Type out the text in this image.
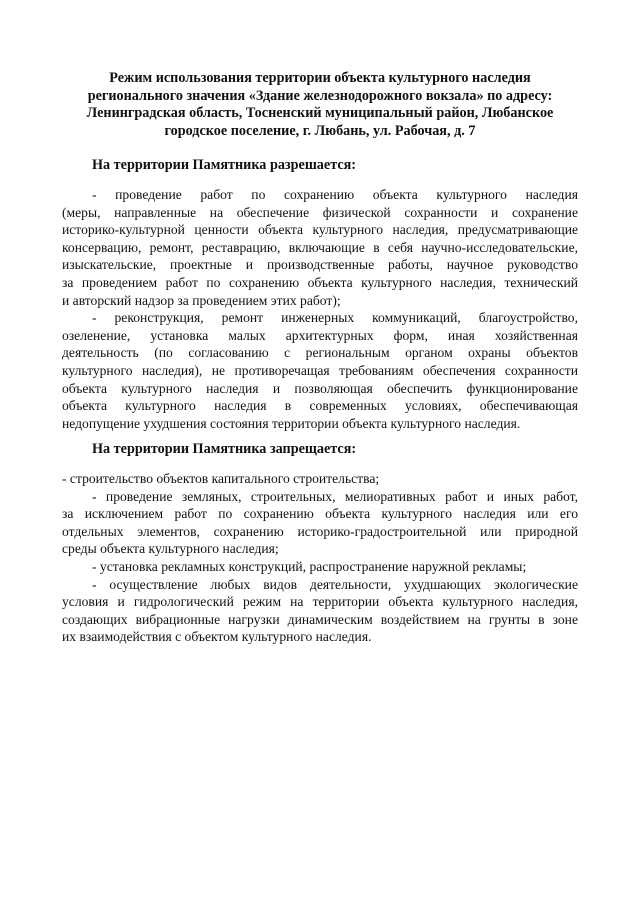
Режим использования территории объекта культурного наследия
регионального значения «Здание железнодорожного вокзала» по адресу:
Ленинградская область, Тосненский муниципальный район, Любанское
городское поселение, г. Любань, ул. Рабочая, д. 7
На территории Памятника разрешается:

- проведение работ по сохранению объекта культурного наследия
(меры, направленные на обеспечение физической сохранности и сохранение
историко-культурной ценности объекта культурного наследия, предусматривающие
консервацию, ремонт, реставрацию, включающие в себя научно-исследовательские,
изыскательские, проектные и производственные работы, научное руководство
за проведением работ по сохранению объекта культурного наследия, технический
и авторский надзор за проведением этих работ);

- реконструкция, ремонт инженерных коммуникаций, благоустройство,
озеленение, установка малых архитектурных форм, иная хозяйственная
деятельность (по согласованию с региональным органом охраны объектов
культурного наследия), не противоречащая требованиям обеспечения сохранности
объекта культурного наследия и позволяющая обеспечить функционирование
объекта культурного наследия в современных условиях, обеспечивающая
недопущение ухудшения состояния территории объекта культурного наследия.

На территории Памятника запрещается:

- строительство объектов капитального строительства;

- проведение земляных, строительных, мелиоративных работ и иных работ,
за исключением работ по сохранению объекта культурного наследия или его
отдельных элементов, сохранению историко-градостроительной или природной
среды объекта культурного наследия;

- установка рекламных конструкций, распространение наружной рекламы;

- осуществление любых видов деятельности, ухудшающих экологические
условия и гидрологический режим на территории объекта культурного наследия,
создающих вибрационные нагрузки динамическим воздействием на грунты в зоне
их взаимодействия с объектом культурного наследия.
